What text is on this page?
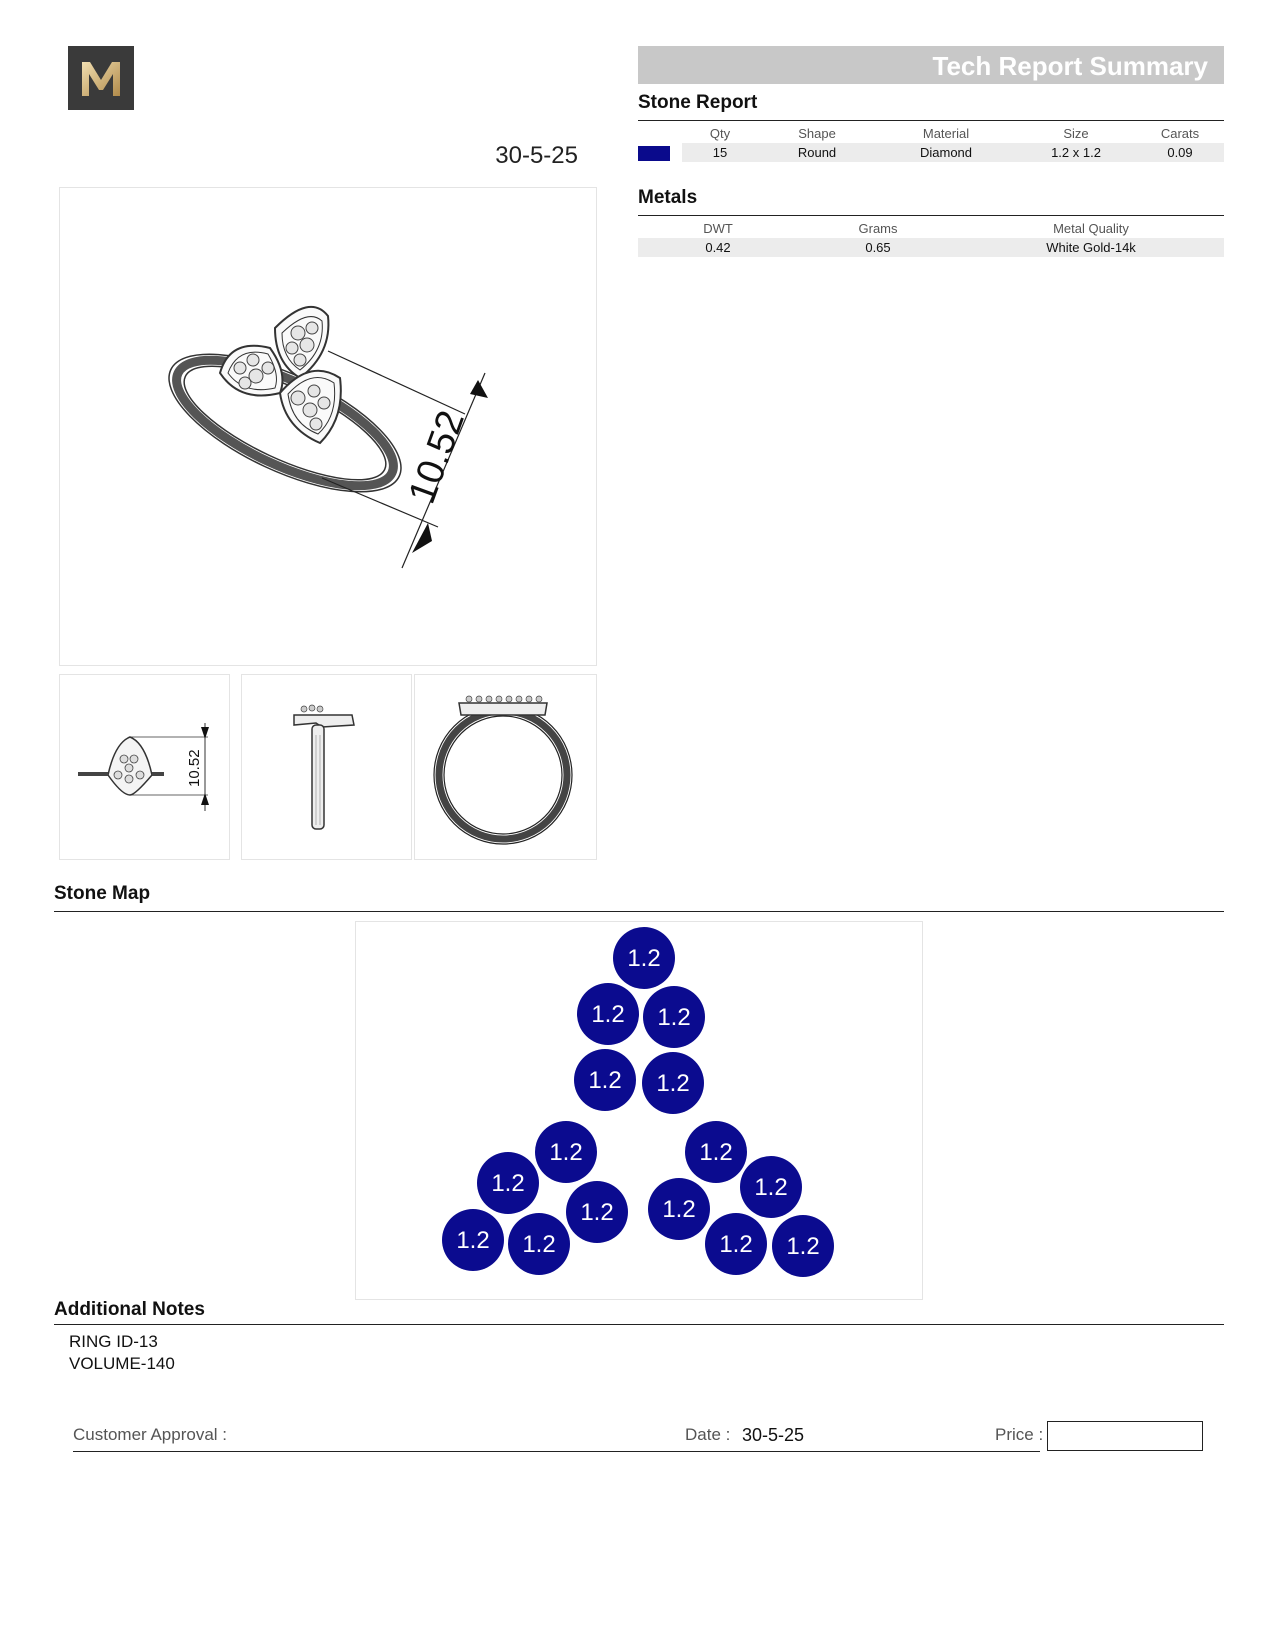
30-5-25
Tech Report Summary
Stone Report
	Qty	Shape	Material	Size	Carats
	15	Round	Diamond	1.2 x 1.2	0.09
Metals
DWT	Grams	Metal Quality
0.42	0.65	White Gold-14k
10.52
10.52
Stone Map
1.2
1.2 1.2
1.2 1.2
1.2
1.2
1.2
1.2 1.2
1.2
1.2
1.2
1.2 1.2
Additional Notes
RING ID-13
VOLUME-140
Customer Approval :	Date : 30-5-25	Price :
